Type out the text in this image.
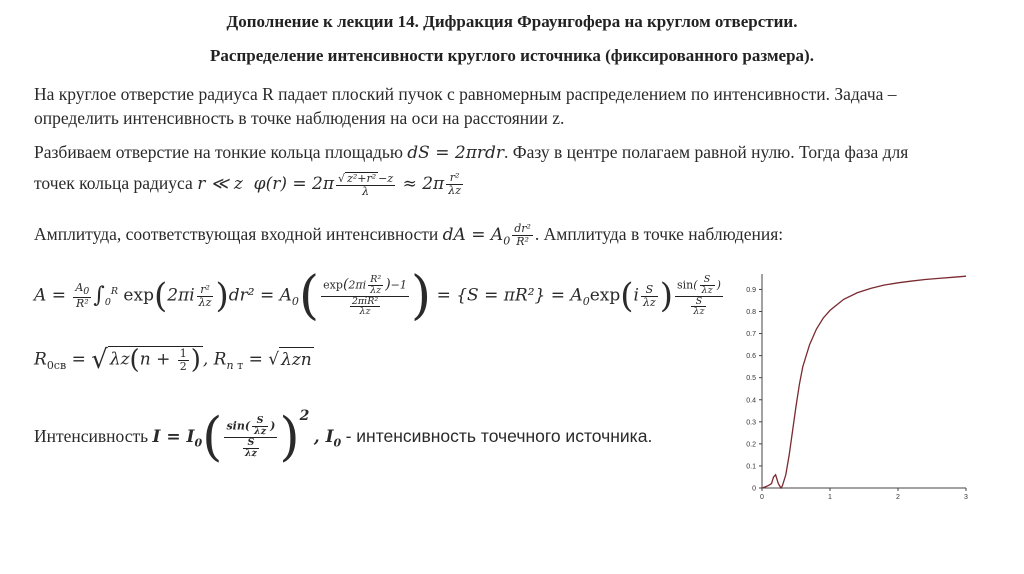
Дополнение к лекции 14. Дифракция Фраунгофера на круглом отверстии.
Распределение интенсивности круглого источника (фиксированного размера).
На круглое отверстие радиуса R падает плоский пучок с равномерным распределением по интенсивности. Задача –
определить интенсивность в точке наблюдения на оси на расстоянии z.
Разбиваем отверстие на тонкие кольца площадью dS = 2πrdr. Фазу в центре полагаем равной нулю. Тогда фаза для
точек кольца радиуса r ≪ z  $\varphi(r) = 2\pi \frac{\text{√ z²+r² −z}}{\lambda} \approx 2\pi \frac{\text{r²}}{\lambda z}$
Амплитуда, соответствующая входной интенсивности dA = $A_0 \frac{\text{dr²}}{\text{R²}}$ . Амплитуда в точке наблюдения:
$A = \frac{A_0}{\text{R²}} \int_0^R$ $\exp(2\pi i \frac{\text{r²}}{\lambda z} )dr^2 = A_0( \frac{\exp(2\pi i \frac{\text{R²}}{\lambda z} )-1}{\frac{\text{2πiR²}}{\lambda z}}$ ) = $\{S = \pi R^2\} = A_0\exp(i \frac{S}{\lambda z}$ ) $\frac{\sin( \frac{S}{\lambda z} )}{\frac{S}{\lambda z}}$
$R_{0св}$ = √ $\lambda z(n + \frac{1}{2}$ ) , $R_{n т}$ = √ λzn
Интенсивность $I = I_0( \frac{\sin( \frac{S}{\lambda z} )}{\frac{S}{\lambda z}} )^2$ , $I_0$ - интенсивность точечного источника.
0	1	2	3
0
0.1
0.2
0.3
0.4
0.5
0.6
0.7
0.8
0.9
